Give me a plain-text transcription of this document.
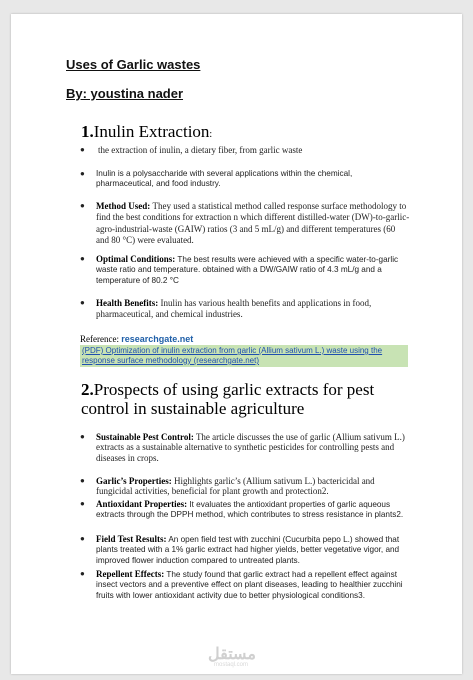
Uses of Garlic wastes

By: youstina nader

1.Inulin Extraction:
● the extraction of inulin, a dietary fiber, from garlic waste
● Inulin is a polysaccharide with several applications within the chemical, pharmaceutical, and food industry.
● Method Used: They used a statistical method called response surface methodology to find the best conditions for extraction n which different distilled-water (DW)-to-garlic-agro-industrial-waste (GAIW) ratios (3 and 5 mL/g) and different temperatures (60 and 80 °C) were evaluated.
● Optimal Conditions: The best results were achieved with a specific water-to-garlic waste ratio and temperature. obtained with a DW/GAIW ratio of 4.3 mL/g and a temperature of 80.2 °C
● Health Benefits: Inulin has various health benefits and applications in food, pharmaceutical, and chemical industries.
Reference: researchgate.net
(PDF) Optimization of inulin extraction from garlic (Allium sativum L.) waste using the response surface methodology (researchgate.net)
2.Prospects of using garlic extracts for pest control in sustainable agriculture
● Sustainable Pest Control: The article discusses the use of garlic (Allium sativum L.) extracts as a sustainable alternative to synthetic pesticides for controlling pests and diseases in crops.
● Garlic’s Properties: Highlights garlic’s (Allium sativum L.) bactericidal and fungicidal activities, beneficial for plant growth and protection2.
● Antioxidant Properties: It evaluates the antioxidant properties of garlic aqueous extracts through the DPPH method, which contributes to stress resistance in plants2.
● Field Test Results: An open field test with zucchini (Cucurbita pepo L.) showed that plants treated with a 1% garlic extract had higher yields, better vegetative vigor, and improved flower induction compared to untreated plants.
● Repellent Effects: The study found that garlic extract had a repellent effect against insect vectors and a preventive effect on plant diseases, leading to healthier zucchini fruits with lower antioxidant activity due to better physiological conditions3.
مستقل
mostaql.com
